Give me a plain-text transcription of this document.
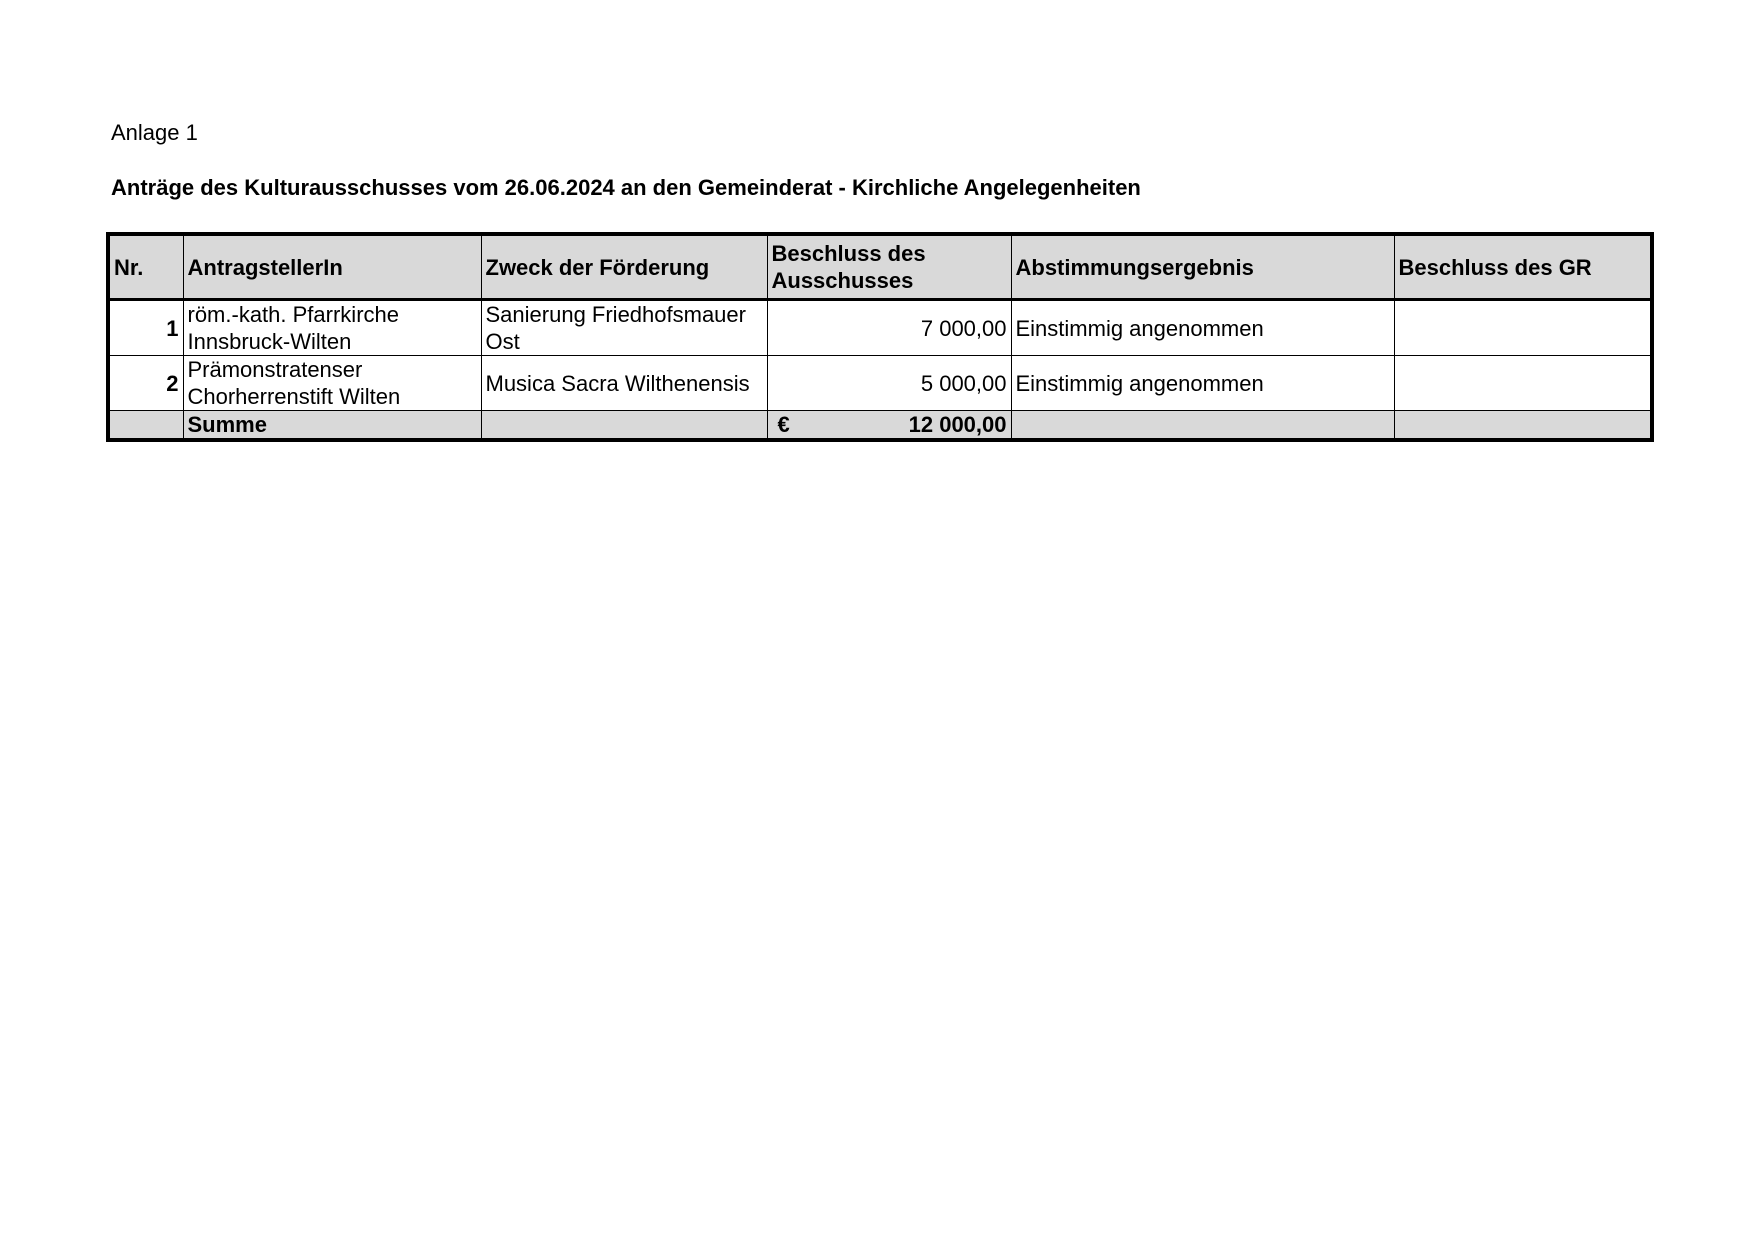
Anlage 1
Anträge des Kulturausschusses vom 26.06.2024 an den Gemeinderat - Kirchliche Angelegenheiten
Nr.	AntragstellerIn	Zweck der Förderung	Beschluss des Ausschusses	Abstimmungsergebnis	Beschluss des GR
1	röm.-kath. Pfarrkirche Innsbruck-Wilten	Sanierung Friedhofsmauer Ost	7 000,00	Einstimmig angenommen	
2	Prämonstratenser Chorherrenstift Wilten	Musica Sacra Wilthenensis	5 000,00	Einstimmig angenommen	
	Summe		€ 12 000,00		
